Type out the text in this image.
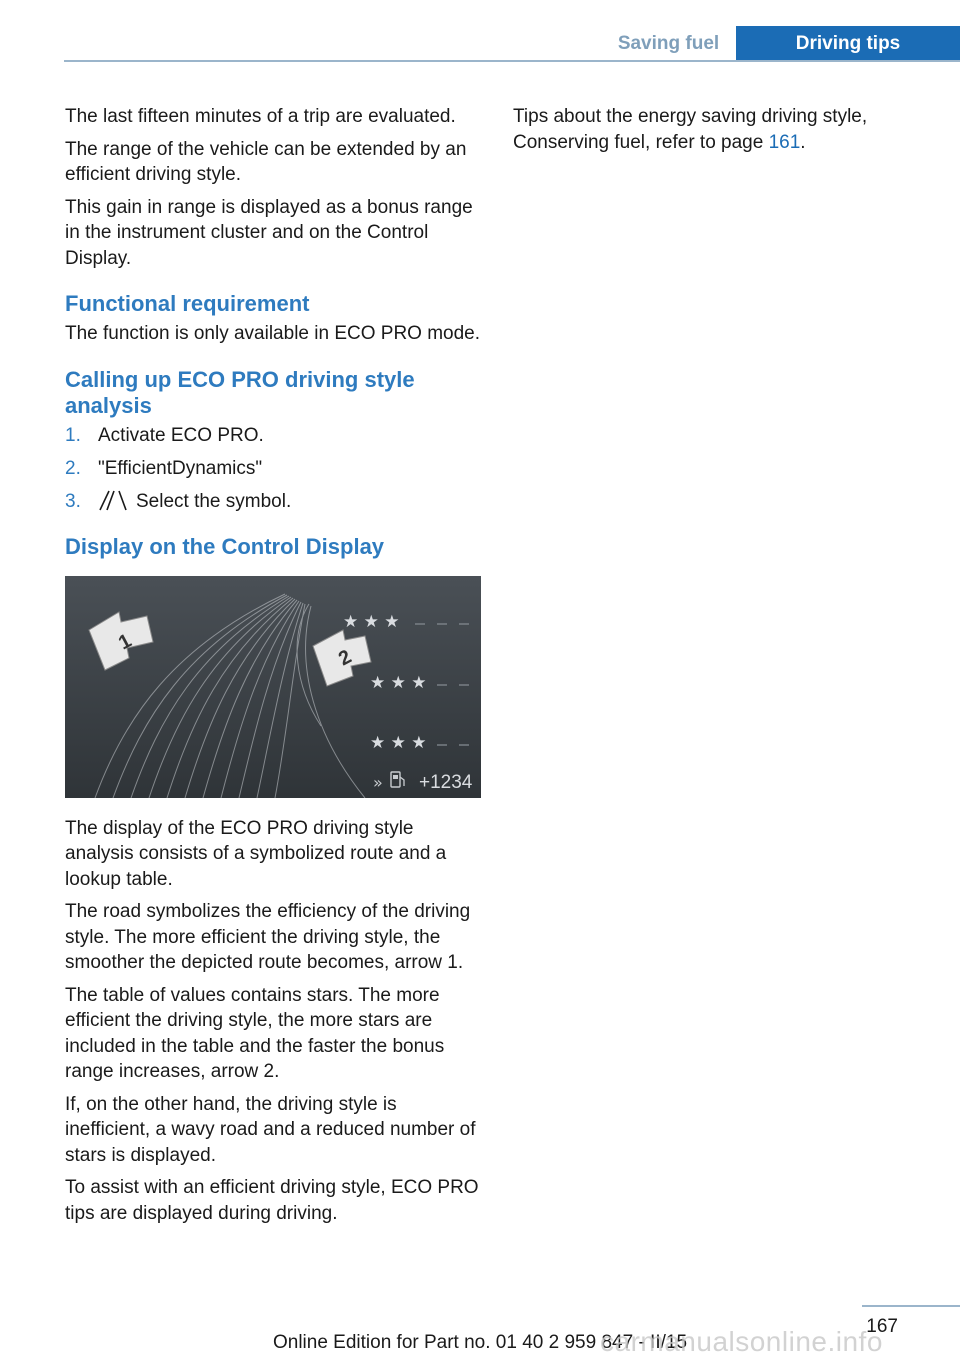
Saving fuel	Driving tips

The last fifteen minutes of a trip are evaluated.

The range of the vehicle can be extended by an efficient driving style.

This gain in range is displayed as a bonus range in the instrument cluster and on the Control Display.

Functional requirement

The function is only available in ECO PRO mode.

Calling up ECO PRO driving style analysis
1. Activate ECO PRO.
2. "EfficientDynamics"
3.	Select the symbol.
Display on the Control Display
1
2
★ ★ ★
★ ★ ★
★ ★ ★
» +1234

The display of the ECO PRO driving style analysis consists of a symbolized route and a lookup table.

The road symbolizes the efficiency of the driving style. The more efficient the driving style, the smoother the depicted route becomes, arrow 1.

The table of values contains stars. The more efficient the driving style, the more stars are included in the table and the faster the bonus range increases, arrow 2.

If, on the other hand, the driving style is inefficient, a wavy road and a reduced number of stars is displayed.

To assist with an efficient driving style, ECO PRO tips are displayed during driving.

Tips about the energy saving driving style, Conserving fuel, refer to page 161.

167
Online Edition for Part no. 01 40 2 959 847 - II/15
carmanualsonline.info
